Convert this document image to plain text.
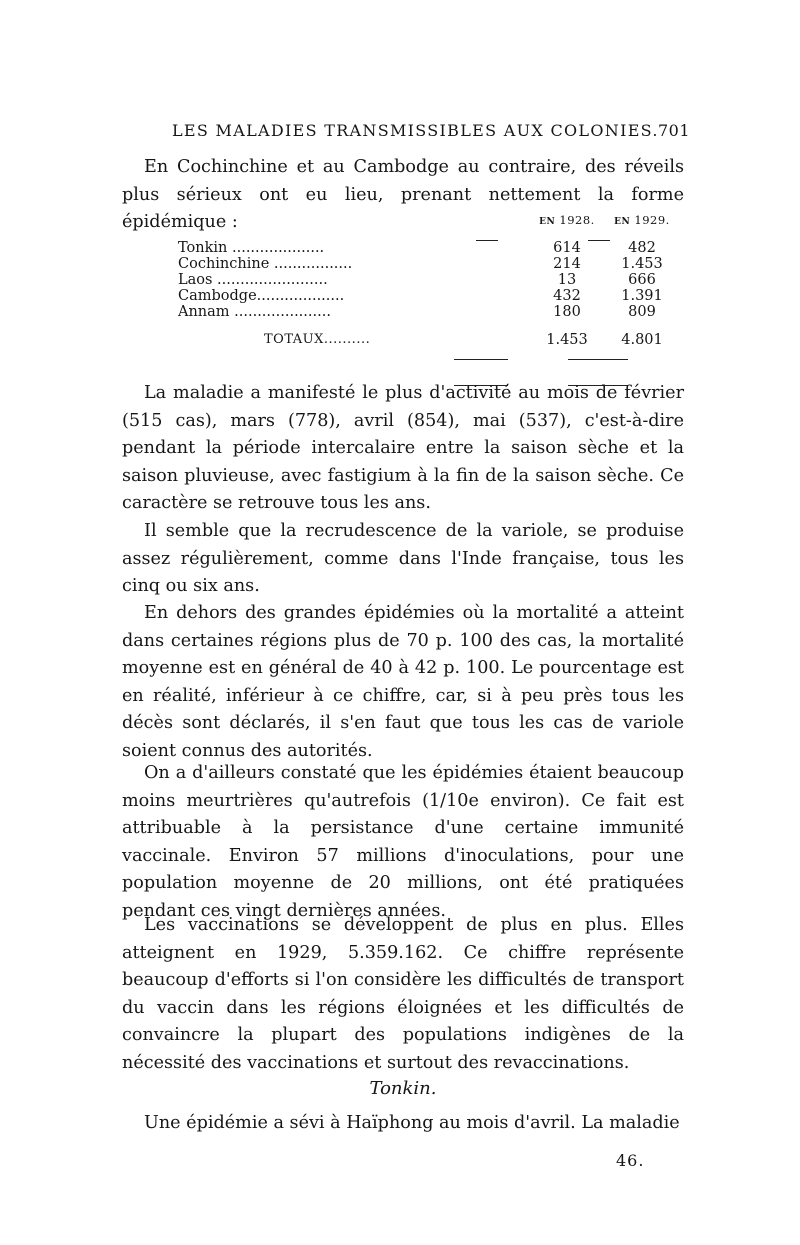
LES MALADIES TRANSMISSIBLES AUX COLONIES. 701

En Cochinchine et au Cambodge au contraire, des réveils plus sérieux ont eu lieu, prenant nettement la forme épidémique :

		EN 1928.	EN 1929.
Tonkin ....................	614	482
Cochinchine .................	214	1.453
Laos ........................	13	666
Cambodge...................	432	1.391
Annam .....................	180	809
TOTAUX..........	1.453	4.801

La maladie a manifesté le plus d'activité au mois de février (515 cas), mars (778), avril (854), mai (537), c'est-à-dire pendant la période intercalaire entre la saison sèche et la saison pluvieuse, avec fastigium à la fin de la saison sèche. Ce caractère se retrouve tous les ans.

Il semble que la recrudescence de la variole, se produise assez régulièrement, comme dans l'Inde française, tous les cinq ou six ans.

En dehors des grandes épidémies où la mortalité a atteint dans certaines régions plus de 70 p. 100 des cas, la mortalité moyenne est en général de 40 à 42 p. 100. Le pourcentage est en réalité, inférieur à ce chiffre, car, si à peu près tous les décès sont déclarés, il s'en faut que tous les cas de variole soient connus des autorités.

On a d'ailleurs constaté que les épidémies étaient beaucoup moins meurtrières qu'autrefois (1/10e environ). Ce fait est attribuable à la persistance d'une certaine immunité vaccinale. Environ 57 millions d'inoculations, pour une population moyenne de 20 millions, ont été pratiquées pendant ces vingt dernières années.

Les vaccinations se développent de plus en plus. Elles atteignent en 1929, 5.359.162. Ce chiffre représente beaucoup d'efforts si l'on considère les difficultés de transport du vaccin dans les régions éloignées et les difficultés de convaincre la plupart des populations indigènes de la nécessité des vaccinations et surtout des revaccinations.

Tonkin.

Une épidémie a sévi à Haïphong au mois d'avril. La maladie

46.
